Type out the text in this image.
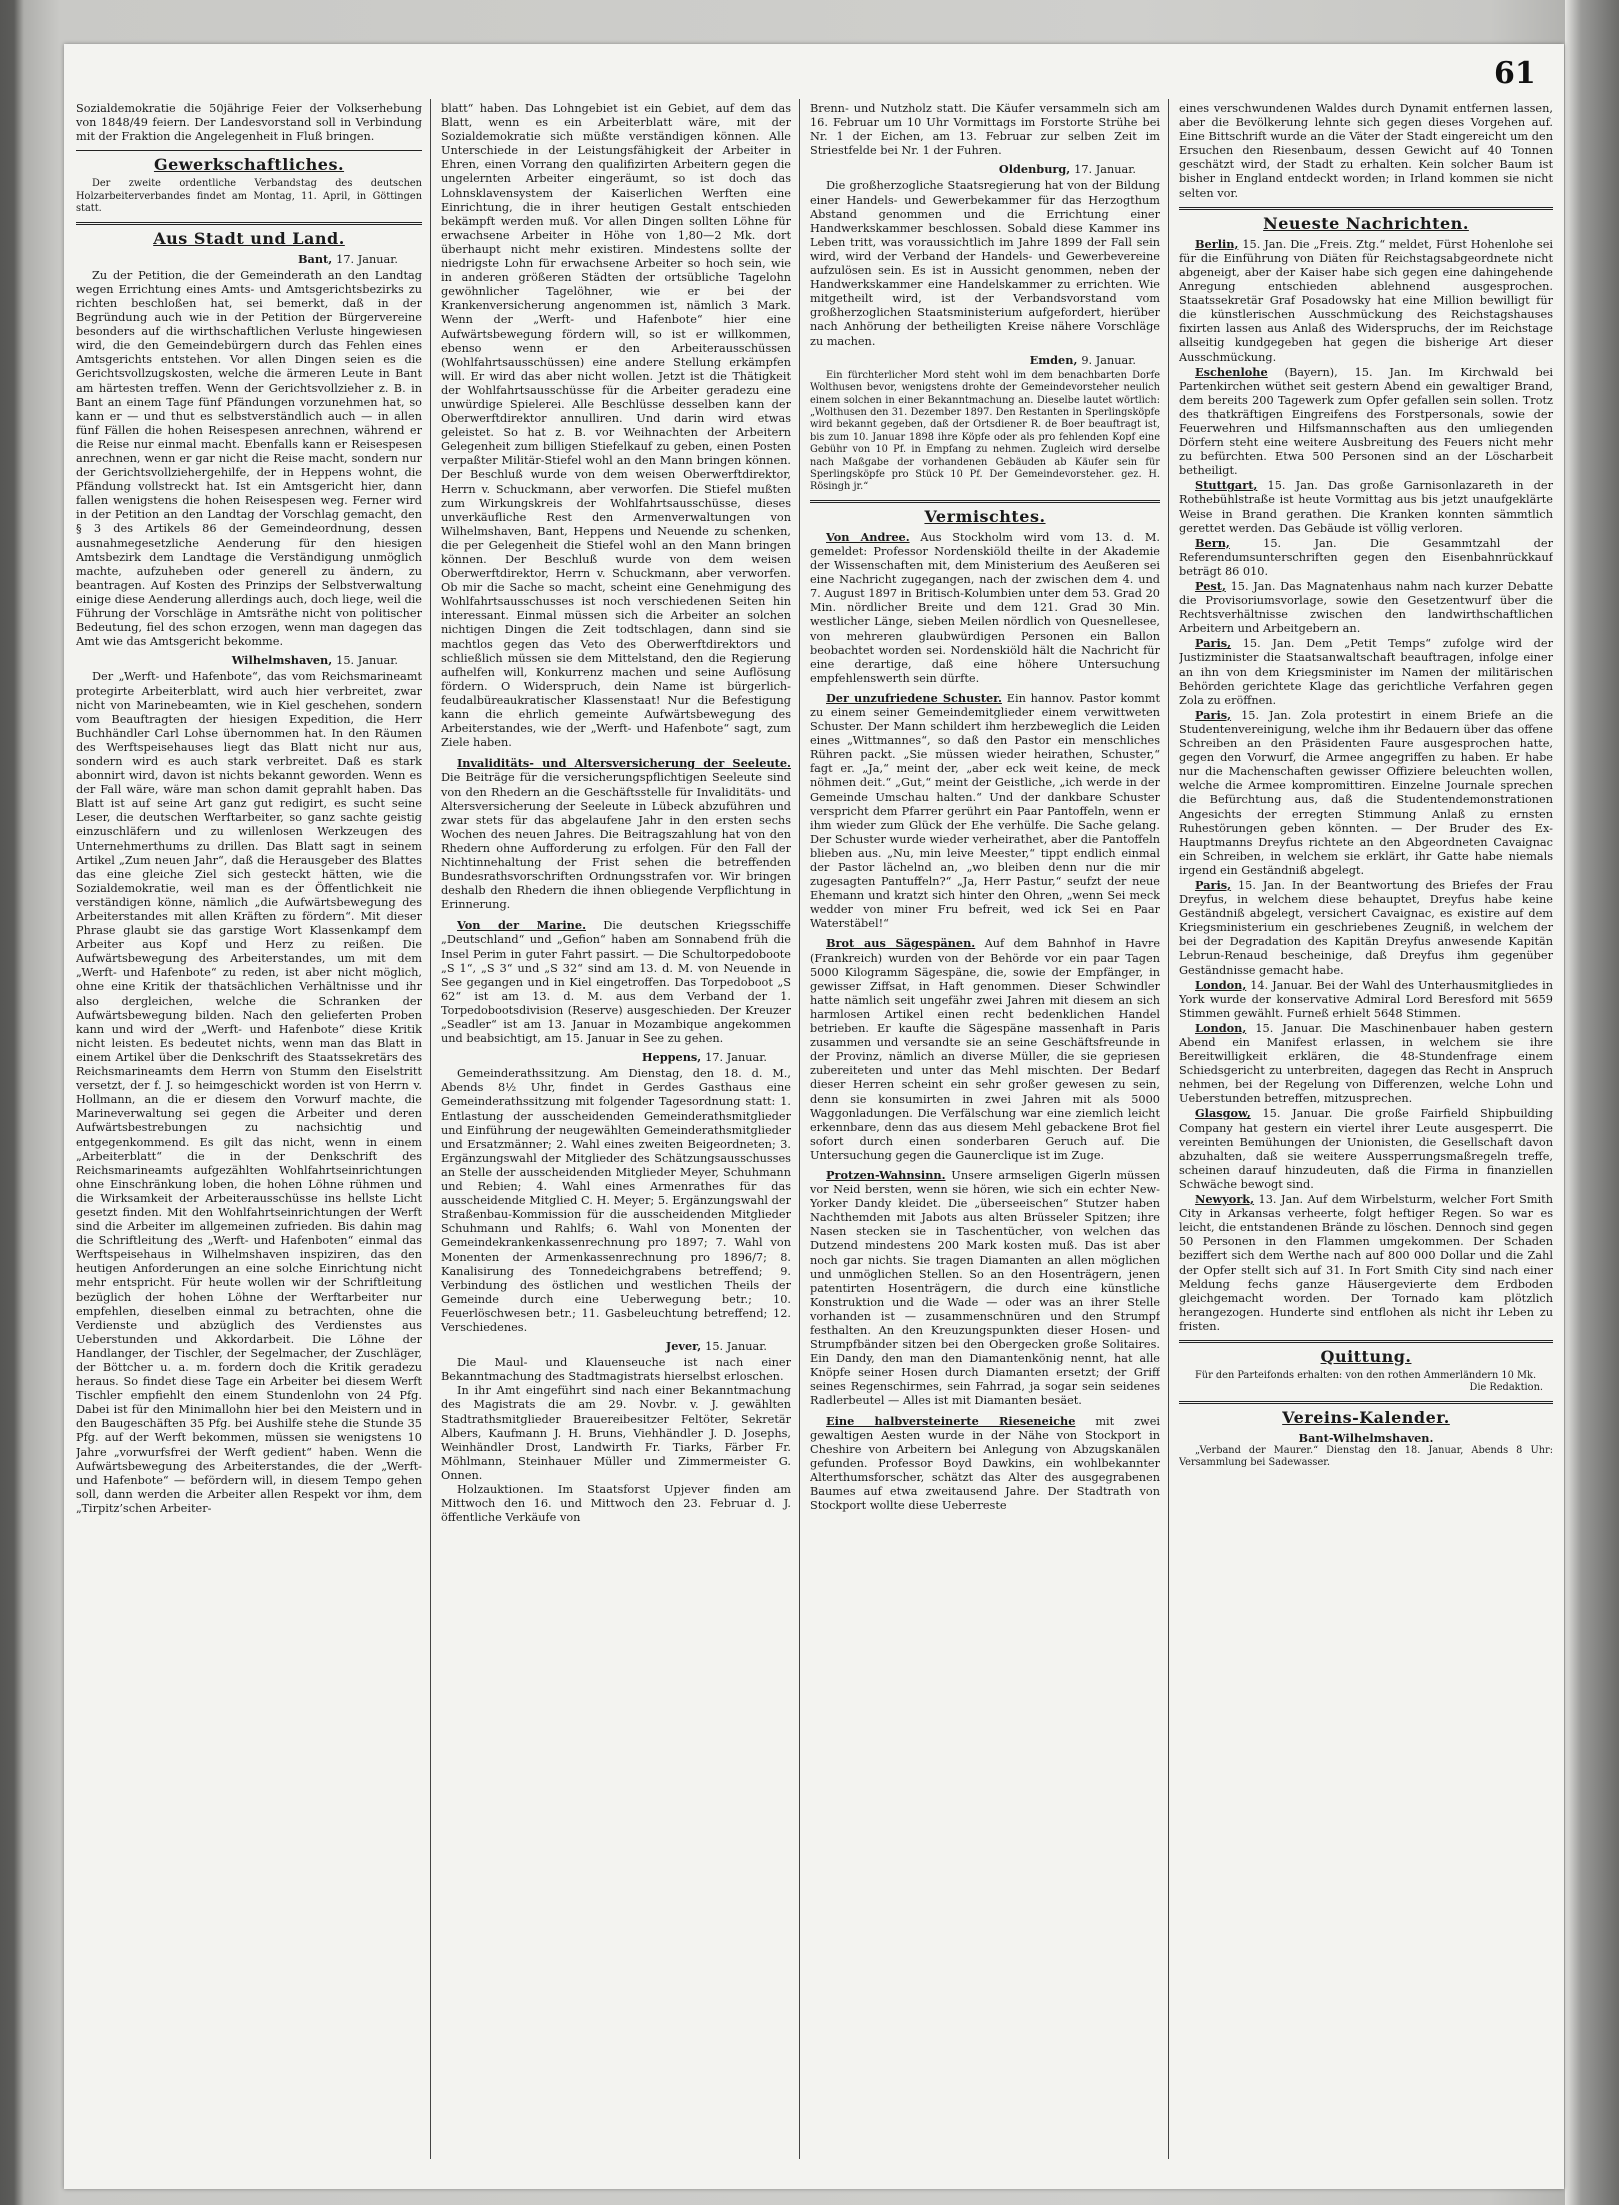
61

Sozialdemokratie die 50jährige Feier der Volkserhebung von 1848/49 feiern. Der Landesvorstand soll in Verbindung mit der Fraktion die Angelegenheit in Fluß bringen.

Gewerkschaftliches.

Der zweite ordentliche Verbandstag des deutschen Holzarbeiterverbandes findet am Montag, 11. April, in Göttingen statt.

Aus Stadt und Land.
Bant, 17. Januar.

Zu der Petition, die der Gemeinderath an den Landtag wegen Errichtung eines Amts- und Amtsgerichtsbezirks zu richten beschloßen hat, sei bemerkt, daß in der Begründung auch wie in der Petition der Bürgervereine besonders auf die wirthschaftlichen Verluste hingewiesen wird, die den Gemeindebürgern durch das Fehlen eines Amtsgerichts entstehen. Vor allen Dingen seien es die Gerichtsvollzugskosten, welche die ärmeren Leute in Bant am härtesten treffen. Wenn der Gerichtsvollzieher z. B. in Bant an einem Tage fünf Pfändungen vorzunehmen hat, so kann er — und thut es selbstverständlich auch — in allen fünf Fällen die hohen Reisespesen anrechnen, während er die Reise nur einmal macht. Ebenfalls kann er Reisespesen anrechnen, wenn er gar nicht die Reise macht, sondern nur der Gerichtsvollziehergehilfe, der in Heppens wohnt, die Pfändung vollstreckt hat. Ist ein Amtsgericht hier, dann fallen wenigstens die hohen Reisespesen weg. Ferner wird in der Petition an den Landtag der Vorschlag gemacht, den § 3 des Artikels 86 der Gemeindeordnung, dessen ausnahmegesetzliche Aenderung für den hiesigen Amtsbezirk dem Landtage die Verständigung unmöglich machte, aufzuheben oder generell zu ändern, zu beantragen. Auf Kosten des Prinzips der Selbstverwaltung einige diese Aenderung allerdings auch, doch liege, weil die Führung der Vorschläge in Amtsräthe nicht von politischer Bedeutung, fiel des schon erzogen, wenn man dagegen das Amt wie das Amtsgericht bekomme.

Wilhelmshaven, 15. Januar.

Der „Werft- und Hafenbote“, das vom Reichsmarineamt protegirte Arbeiterblatt, wird auch hier verbreitet, zwar nicht von Marinebeamten, wie in Kiel geschehen, sondern vom Beauftragten der hiesigen Expedition, die Herr Buchhändler Carl Lohse übernommen hat. In den Räumen des Werftspeisehauses liegt das Blatt nicht nur aus, sondern wird es auch stark verbreitet. Daß es stark abonnirt wird, davon ist nichts bekannt geworden. Wenn es der Fall wäre, wäre man schon damit geprahlt haben. Das Blatt ist auf seine Art ganz gut redigirt, es sucht seine Leser, die deutschen Werftarbeiter, so ganz sachte geistig einzuschläfern und zu willenlosen Werkzeugen des Unternehmerthums zu drillen. Das Blatt sagt in seinem Artikel „Zum neuen Jahr“, daß die Herausgeber des Blattes das eine gleiche Ziel sich gesteckt hätten, wie die Sozialdemokratie, weil man es der Öffentlichkeit nie verständigen könne, nämlich „die Aufwärtsbewegung des Arbeiterstandes mit allen Kräften zu fördern“. Mit dieser Phrase glaubt sie das garstige Wort Klassenkampf dem Arbeiter aus Kopf und Herz zu reißen. Die Aufwärtsbewegung des Arbeiterstandes, um mit dem „Werft- und Hafenbote“ zu reden, ist aber nicht möglich, ohne eine Kritik der thatsächlichen Verhältnisse und ihr also dergleichen, welche die Schranken der Aufwärtsbewegung bilden. Nach den gelieferten Proben kann und wird der „Werft- und Hafenbote“ diese Kritik nicht leisten. Es bedeutet nichts, wenn man das Blatt in einem Artikel über die Denkschrift des Staatssekretärs des Reichsmarineamts dem Herrn von Stumm den Eiselstritt versetzt, der f. J. so heimgeschickt worden ist von Herrn v. Hollmann, an die er diesem den Vorwurf machte, die Marineverwaltung sei gegen die Arbeiter und deren Aufwärtsbestrebungen zu nachsichtig und entgegenkommend. Es gilt das nicht, wenn in einem „Arbeiterblatt“ die in der Denkschrift des Reichsmarineamts aufgezählten Wohlfahrtseinrichtungen ohne Einschränkung loben, die hohen Löhne rühmen und die Wirksamkeit der Arbeiterausschüsse ins hellste Licht gesetzt finden. Mit den Wohlfahrtseinrichtungen der Werft sind die Arbeiter im allgemeinen zufrieden. Bis dahin mag die Schriftleitung des „Werft- und Hafenboten“ einmal das Werftspeisehaus in Wilhelmshaven inspiziren, das den heutigen Anforderungen an eine solche Einrichtung nicht mehr entspricht. Für heute wollen wir der Schriftleitung bezüglich der hohen Löhne der Werftarbeiter nur empfehlen, dieselben einmal zu betrachten, ohne die Verdienste und abzüglich des Verdienstes aus Ueberstunden und Akkordarbeit. Die Löhne der Handlanger, der Tischler, der Segelmacher, der Zuschläger, der Böttcher u. a. m. fordern doch die Kritik geradezu heraus. So findet diese Tage ein Arbeiter bei diesem Werft Tischler empfiehlt den einem Stundenlohn von 24 Pfg. Dabei ist für den Minimallohn hier bei den Meistern und in den Baugeschäften 35 Pfg. bei Aushilfe stehe die Stunde 35 Pfg. auf der Werft bekommen, müssen sie wenigstens 10 Jahre „vorwurfsfrei der Werft gedient“ haben. Wenn die Aufwärtsbewegung des Arbeiterstandes, die der „Werft- und Hafenbote“ — befördern will, in diesem Tempo gehen soll, dann werden die Arbeiter allen Respekt vor ihm, dem „Tirpitz’schen Arbeiter-

blatt“ haben. Das Lohngebiet ist ein Gebiet, auf dem das Blatt, wenn es ein Arbeiterblatt wäre, mit der Sozialdemokratie sich müßte verständigen können. Alle Unterschiede in der Leistungsfähigkeit der Arbeiter in Ehren, einen Vorrang den qualifizirten Arbeitern gegen die ungelernten Arbeiter eingeräumt, so ist doch das Lohnsklavensystem der Kaiserlichen Werften eine Einrichtung, die in ihrer heutigen Gestalt entschieden bekämpft werden muß. Vor allen Dingen sollten Löhne für erwachsene Arbeiter in Höhe von 1,80—2 Mk. dort überhaupt nicht mehr existiren. Mindestens sollte der niedrigste Lohn für erwachsene Arbeiter so hoch sein, wie in anderen größeren Städten der ortsübliche Tagelohn gewöhnlicher Tagelöhner, wie er bei der Krankenversicherung angenommen ist, nämlich 3 Mark. Wenn der „Werft- und Hafenbote“ hier eine Aufwärtsbewegung fördern will, so ist er willkommen, ebenso wenn er den Arbeiterausschüssen (Wohlfahrtsausschüssen) eine andere Stellung erkämpfen will. Er wird das aber nicht wollen. Jetzt ist die Thätigkeit der Wohlfahrtsausschüsse für die Arbeiter geradezu eine unwürdige Spielerei. Alle Beschlüsse desselben kann der Oberwerftdirektor annulliren. Und darin wird etwas geleistet. So hat z. B. vor Weihnachten der Arbeitern Gelegenheit zum billigen Stiefelkauf zu geben, einen Posten verpaßter Militär-Stiefel wohl an den Mann bringen können. Der Beschluß wurde von dem weisen Oberwerftdirektor, Herrn v. Schuckmann, aber verworfen. Die Stiefel mußten zum Wirkungskreis der Wohlfahrtsausschüsse, dieses unverkäufliche Rest den Armenverwaltungen von Wilhelmshaven, Bant, Heppens und Neuende zu schenken, die per Gelegenheit die Stiefel wohl an den Mann bringen können. Der Beschluß wurde von dem weisen Oberwerftdirektor, Herrn v. Schuckmann, aber verworfen. Ob mir die Sache so macht, scheint eine Genehmigung des Wohlfahrtsausschusses ist noch verschiedenen Seiten hin interessant. Einmal müssen sich die Arbeiter an solchen nichtigen Dingen die Zeit todtschlagen, dann sind sie machtlos gegen das Veto des Oberwerftdirektors und schließlich müssen sie dem Mittelstand, den die Regierung aufhelfen will, Konkurrenz machen und seine Auflösung fördern. O Widerspruch, dein Name ist bürgerlich-feudalbüreaukratischer Klassenstaat! Nur die Befestigung kann die ehrlich gemeinte Aufwärtsbewegung des Arbeiterstandes, wie der „Werft- und Hafenbote“ sagt, zum Ziele haben.

Invaliditäts- und Altersversicherung der Seeleute. Die Beiträge für die versicherungspflichtigen Seeleute sind von den Rhedern an die Geschäftsstelle für Invaliditäts- und Altersversicherung der Seeleute in Lübeck abzuführen und zwar stets für das abgelaufene Jahr in den ersten sechs Wochen des neuen Jahres. Die Beitragszahlung hat von den Rhedern ohne Aufforderung zu erfolgen. Für den Fall der Nichtinnehaltung der Frist sehen die betreffenden Bundesrathsvorschriften Ordnungsstrafen vor. Wir bringen deshalb den Rhedern die ihnen obliegende Verpflichtung in Erinnerung.

Von der Marine. Die deutschen Kriegsschiffe „Deutschland“ und „Gefion“ haben am Sonnabend früh die Insel Perim in guter Fahrt passirt. — Die Schultorpedoboote „S 1“, „S 3“ und „S 32“ sind am 13. d. M. von Neuende in See gegangen und in Kiel eingetroffen. Das Torpedoboot „S 62“ ist am 13. d. M. aus dem Verband der 1. Torpedobootsdivision (Reserve) ausgeschieden. Der Kreuzer „Seadler“ ist am 13. Januar in Mozambique angekommen und beabsichtigt, am 15. Januar in See zu gehen.

Heppens, 17. Januar.

Gemeinderathssitzung. Am Dienstag, den 18. d. M., Abends 8½ Uhr, findet in Gerdes Gasthaus eine Gemeinderathssitzung mit folgender Tagesordnung statt: 1. Entlastung der ausscheidenden Gemeinderathsmitglieder und Einführung der neugewählten Gemeinderathsmitglieder und Ersatzmänner; 2. Wahl eines zweiten Beigeordneten; 3. Ergänzungswahl der Mitglieder des Schätzungsausschusses an Stelle der ausscheidenden Mitglieder Meyer, Schuhmann und Rebien; 4. Wahl eines Armenrathes für das ausscheidende Mitglied C. H. Meyer; 5. Ergänzungswahl der Straßenbau-Kommission für die ausscheidenden Mitglieder Schuhmann und Rahlfs; 6. Wahl von Monenten der Gemeindekrankenkassenrechnung pro 1897; 7. Wahl von Monenten der Armenkassenrechnung pro 1896/7; 8. Kanalisirung des Tonnedeichgrabens betreffend; 9. Verbindung des östlichen und westlichen Theils der Gemeinde durch eine Ueberwegung betr.; 10. Feuerlöschwesen betr.; 11. Gasbeleuchtung betreffend; 12. Verschiedenes.

Jever, 15. Januar.

Die Maul- und Klauenseuche ist nach einer Bekanntmachung des Stadtmagistrats hierselbst erloschen.

In ihr Amt eingeführt sind nach einer Bekanntmachung des Magistrats die am 29. Novbr. v. J. gewählten Stadtrathsmitglieder Brauereibesitzer Feltöter, Sekretär Albers, Kaufmann J. H. Bruns, Viehhändler J. D. Josephs, Weinhändler Drost, Landwirth Fr. Tiarks, Färber Fr. Möhlmann, Steinhauer Müller und Zimmermeister G. Onnen.

Holzauktionen. Im Staatsforst Upjever finden am Mittwoch den 16. und Mittwoch den 23. Februar d. J. öffentliche Verkäufe von

Brenn- und Nutzholz statt. Die Käufer versammeln sich am 16. Februar um 10 Uhr Vormittags im Forstorte Strühe bei Nr. 1 der Eichen, am 13. Februar zur selben Zeit im Striestfelde bei Nr. 1 der Fuhren.

Oldenburg, 17. Januar.

Die großherzogliche Staatsregierung hat von der Bildung einer Handels- und Gewerbekammer für das Herzogthum Abstand genommen und die Errichtung einer Handwerkskammer beschlossen. Sobald diese Kammer ins Leben tritt, was voraussichtlich im Jahre 1899 der Fall sein wird, wird der Verband der Handels- und Gewerbevereine aufzulösen sein. Es ist in Aussicht genommen, neben der Handwerkskammer eine Handelskammer zu errichten. Wie mitgetheilt wird, ist der Verbandsvorstand vom großherzoglichen Staatsministerium aufgefordert, hierüber nach Anhörung der betheiligten Kreise nähere Vorschläge zu machen.

Emden, 9. Januar.

Ein fürchterlicher Mord steht wohl im dem benachbarten Dorfe Wolthusen bevor, wenigstens drohte der Gemeindevorsteher neulich einem solchen in einer Bekanntmachung an. Dieselbe lautet wörtlich: „Wolthusen den 31. Dezember 1897. Den Restanten in Sperlingsköpfe wird bekannt gegeben, daß der Ortsdiener R. de Boer beauftragt ist, bis zum 10. Januar 1898 ihre Köpfe oder als pro fehlenden Kopf eine Gebühr von 10 Pf. in Empfang zu nehmen. Zugleich wird derselbe nach Maßgabe der vorhandenen Gebäuden ab Käufer sein für Sperlingsköpfe pro Stück 10 Pf. Der Gemeindevorsteher. gez. H. Rösingh jr.“

Vermischtes.

Von Andree. Aus Stockholm wird vom 13. d. M. gemeldet: Professor Nordenskiöld theilte in der Akademie der Wissenschaften mit, dem Ministerium des Aeußeren sei eine Nachricht zugegangen, nach der zwischen dem 4. und 7. August 1897 in Britisch-Kolumbien unter dem 53. Grad 20 Min. nördlicher Breite und dem 121. Grad 30 Min. westlicher Länge, sieben Meilen nördlich von Quesnellesee, von mehreren glaubwürdigen Personen ein Ballon beobachtet worden sei. Nordenskiöld hält die Nachricht für eine derartige, daß eine höhere Untersuchung empfehlenswerth sein dürfte.

Der unzufriedene Schuster. Ein hannov. Pastor kommt zu einem seiner Gemeindemitglieder einem verwittweten Schuster. Der Mann schildert ihm herzbeweglich die Leiden eines „Wittmannes“, so daß den Pastor ein menschliches Rühren packt. „Sie müssen wieder heirathen, Schuster,“ fagt er. „Ja,“ meint der, „aber eck weit keine, de meck nöhmen deit.“ „Gut,“ meint der Geistliche, „ich werde in der Gemeinde Umschau halten.“ Und der dankbare Schuster verspricht dem Pfarrer gerührt ein Paar Pantoffeln, wenn er ihm wieder zum Glück der Ehe verhülfe. Die Sache gelang. Der Schuster wurde wieder verheirathet, aber die Pantoffeln blieben aus. „Nu, min leive Meester,“ tippt endlich einmal der Pastor lächelnd an, „wo bleiben denn nur die mir zugesagten Pantuffeln?“ „Ja, Herr Pastur,“ seufzt der neue Ehemann und kratzt sich hinter den Ohren, „wenn Sei meck wedder von miner Fru befreit, wed ick Sei en Paar Waterstäbel!“

Brot aus Sägespänen. Auf dem Bahnhof in Havre (Frankreich) wurden von der Behörde vor ein paar Tagen 5000 Kilogramm Sägespäne, die, sowie der Empfänger, in gewisser Ziffsat, in Haft genommen. Dieser Schwindler hatte nämlich seit ungefähr zwei Jahren mit diesem an sich harmlosen Artikel einen recht bedenklichen Handel betrieben. Er kaufte die Sägespäne massenhaft in Paris zusammen und versandte sie an seine Geschäftsfreunde in der Provinz, nämlich an diverse Müller, die sie gepriesen zubereiteten und unter das Mehl mischten. Der Bedarf dieser Herren scheint ein sehr großer gewesen zu sein, denn sie konsumirten in zwei Jahren mit als 5000 Waggonladungen. Die Verfälschung war eine ziemlich leicht erkennbare, denn das aus diesem Mehl gebackene Brot fiel sofort durch einen sonderbaren Geruch auf. Die Untersuchung gegen die Gaunerclique ist im Zuge.

Protzen-Wahnsinn. Unsere armseligen Gigerln müssen vor Neid bersten, wenn sie hören, wie sich ein echter New-Yorker Dandy kleidet. Die „überseeischen“ Stutzer haben Nachthemden mit Jabots aus alten Brüsseler Spitzen; ihre Nasen stecken sie in Taschentücher, von welchen das Dutzend mindestens 200 Mark kosten muß. Das ist aber noch gar nichts. Sie tragen Diamanten an allen möglichen und unmöglichen Stellen. So an den Hosenträgern, jenen patentirten Hosenträgern, die durch eine künstliche Konstruktion und die Wade — oder was an ihrer Stelle vorhanden ist — zusammenschnüren und den Strumpf festhalten. An den Kreuzungspunkten dieser Hosen- und Strumpfbänder sitzen bei den Obergecken große Solitaires. Ein Dandy, den man den Diamantenkönig nennt, hat alle Knöpfe seiner Hosen durch Diamanten ersetzt; der Griff seines Regenschirmes, sein Fahrrad, ja sogar sein seidenes Radlerbeutel — Alles ist mit Diamanten besäet.

Eine halbversteinerte Rieseneiche mit zwei gewaltigen Aesten wurde in der Nähe von Stockport in Cheshire von Arbeitern bei Anlegung von Abzugskanälen gefunden. Professor Boyd Dawkins, ein wohlbekannter Alterthumsforscher, schätzt das Alter des ausgegrabenen Baumes auf etwa zweitausend Jahre. Der Stadtrath von Stockport wollte diese Ueberreste

eines verschwundenen Waldes durch Dynamit entfernen lassen, aber die Bevölkerung lehnte sich gegen dieses Vorgehen auf. Eine Bittschrift wurde an die Väter der Stadt eingereicht um den Ersuchen den Riesenbaum, dessen Gewicht auf 40 Tonnen geschätzt wird, der Stadt zu erhalten. Kein solcher Baum ist bisher in England entdeckt worden; in Irland kommen sie nicht selten vor.

Neueste Nachrichten.

Berlin, 15. Jan. Die „Freis. Ztg.“ meldet, Fürst Hohenlohe sei für die Einführung von Diäten für Reichstagsabgeordnete nicht abgeneigt, aber der Kaiser habe sich gegen eine dahingehende Anregung entschieden ablehnend ausgesprochen. Staatssekretär Graf Posadowsky hat eine Million bewilligt für die künstlerischen Ausschmückung des Reichstagshauses fixirten lassen aus Anlaß des Widerspruchs, der im Reichstage allseitig kundgegeben hat gegen die bisherige Art dieser Ausschmückung.

Eschenlohe (Bayern), 15. Jan. Im Kirchwald bei Partenkirchen wüthet seit gestern Abend ein gewaltiger Brand, dem bereits 200 Tagewerk zum Opfer gefallen sein sollen. Trotz des thatkräftigen Eingreifens des Forstpersonals, sowie der Feuerwehren und Hilfsmannschaften aus den umliegenden Dörfern steht eine weitere Ausbreitung des Feuers nicht mehr zu befürchten. Etwa 500 Personen sind an der Löscharbeit betheiligt.

Stuttgart, 15. Jan. Das große Garnisonlazareth in der Rothebühlstraße ist heute Vormittag aus bis jetzt unaufgeklärte Weise in Brand gerathen. Die Kranken konnten sämmtlich gerettet werden. Das Gebäude ist völlig verloren.

Bern,	15. Jan. Die Gesammtzahl der Referendumsunterschriften gegen den Eisenbahnrückkauf beträgt 86 010.

Pest, 15. Jan. Das Magnatenhaus nahm nach kurzer Debatte die Provisoriumsvorlage, sowie den Gesetzentwurf über die Rechtsverhältnisse zwischen den landwirthschaftlichen Arbeitern und Arbeitgebern an.

Paris, 15. Jan. Dem „Petit Temps“ zufolge wird der Justizminister die Staatsanwaltschaft beauftragen, infolge einer an ihn von dem Kriegsminister im Namen der militärischen Behörden gerichtete Klage das gerichtliche Verfahren gegen Zola zu eröffnen.

Paris, 15. Jan. Zola protestirt in einem Briefe an die Studentenvereinigung, welche ihm ihr Bedauern über das offene Schreiben an den Präsidenten Faure ausgesprochen hatte, gegen den Vorwurf, die Armee angegriffen zu haben. Er habe nur die Machenschaften gewisser Offiziere beleuchten wollen, welche die Armee kompromittiren. Einzelne Journale sprechen die Befürchtung aus, daß die Studentendemonstrationen Angesichts der erregten Stimmung Anlaß zu ernsten Ruhestörungen geben könnten. — Der Bruder des Ex-Hauptmanns Dreyfus richtete an den Abgeordneten Cavaignac ein Schreiben, in welchem sie erklärt, ihr Gatte habe niemals irgend ein Geständniß abgelegt.

Paris, 15. Jan. In der Beantwortung des Briefes der Frau Dreyfus, in welchem diese behauptet, Dreyfus habe keine Geständniß abgelegt, versichert Cavaignac, es existire auf dem Kriegsministerium ein geschriebenes Zeugniß, in welchem der bei der Degradation des Kapitän Dreyfus anwesende Kapitän Lebrun-Renaud bescheinige, daß Dreyfus ihm gegenüber Geständnisse gemacht habe.

London, 14. Januar. Bei der Wahl des Unterhausmitgliedes in York wurde der konservative Admiral Lord Beresford mit 5659 Stimmen gewählt. Furneß erhielt 5648 Stimmen.

London, 15. Januar. Die Maschinenbauer haben gestern Abend ein Manifest erlassen, in welchem sie ihre Bereitwilligkeit erklären, die 48-Stundenfrage einem Schiedsgericht zu unterbreiten, dagegen das Recht in Anspruch nehmen, bei der Regelung von Differenzen, welche Lohn und Ueberstunden betreffen, mitzusprechen.

Glasgow, 15. Januar. Die große Fairfield Shipbuilding Company hat gestern ein viertel ihrer Leute ausgesperrt. Die vereinten Bemühungen der Unionisten, die Gesellschaft davon abzuhalten, daß sie weitere Aussperrungsmaßregeln treffe, scheinen darauf hinzudeuten, daß die Firma in finanziellen Schwäche bewogt sind.

Newyork, 13. Jan. Auf dem Wirbelsturm, welcher Fort Smith City in Arkansas verheerte, folgt heftiger Regen. So war es leicht, die entstandenen Brände zu löschen. Dennoch sind gegen 50 Personen in den Flammen umgekommen. Der Schaden beziffert sich dem Werthe nach auf 800 000 Dollar und die Zahl der Opfer stellt sich auf 31. In Fort Smith City sind nach einer Meldung fechs ganze Häusergevierte dem Erdboden gleichgemacht worden. Der Tornado kam plötzlich herangezogen. Hunderte sind entflohen als nicht ihr Leben zu fristen.

Quittung.

Für den Parteifonds erhalten: von den rothen Ammerländern 10 Mk.

Die Redaktion.

Vereins-Kalender.

Bant-Wilhelmshaven.

„Verband der Maurer.“ Dienstag den 18. Januar, Abends 8 Uhr: Versammlung bei Sadewasser.
